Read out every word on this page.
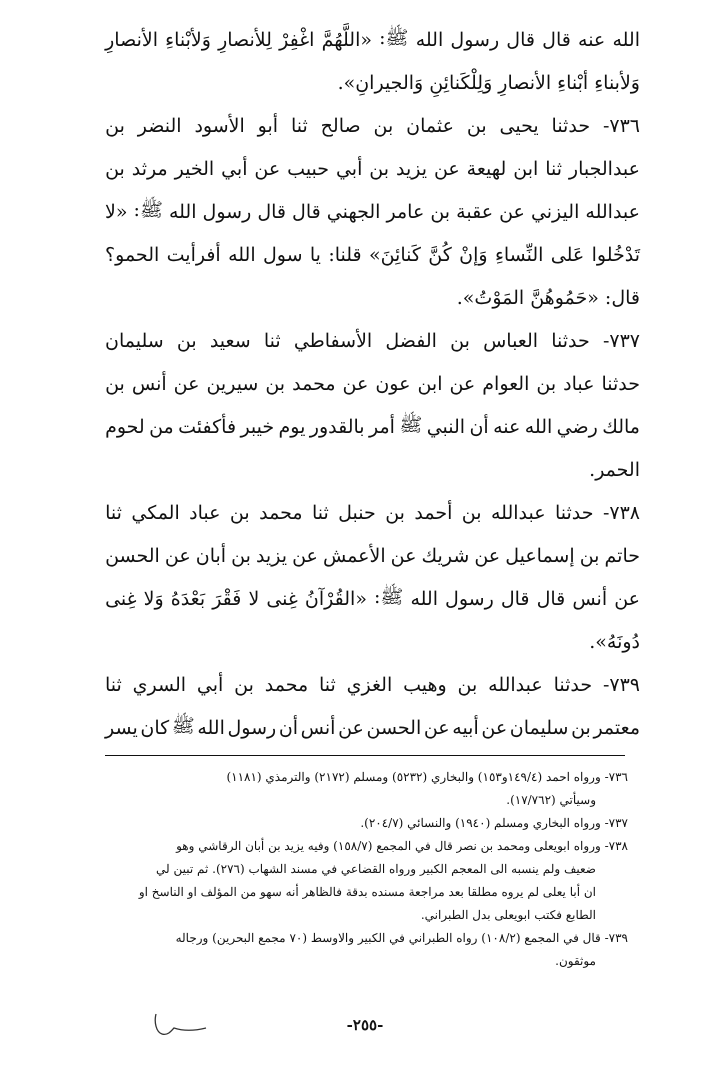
الله
عنه
قال
قال
رسول
الله
ﷺ:
«اللَّهُمَّ
اغْفِرْ
لِلأنصارِ
وَلأبْناءِ
الأنصارِ
وَلأبناءِ أبْناءِ الأنصارِ وَلِلْكَنائِنِ وَالجيرانِ».
٧٣٦-
حدثنا
يحيى
بن
عثمان
بن
صالح
ثنا
أبو
الأسود
النضر
بن
عبدالجبار
ثنا
ابن
لهيعة
عن
يزيد
بن
أبي
حبيب
عن
أبي
الخير
مرثد
بن
عبدالله
اليزني
عن
عقبة
بن
عامر
الجهني
قال
قال
رسول
الله
ﷺ:
«لا
تَدْخُلوا
عَلى
النِّساءِ
وَإنْ
كُنَّ
كَنائِنَ»
قلنا:
يا
سول
الله
أفرأيت
الحمو؟
قال: «حَمُوهُنَّ المَوْتُ».
٧٣٧-
حدثنا
العباس
بن
الفضل
الأسفاطي
ثنا
سعيد
بن
سليمان
حدثنا
عباد
بن
العوام
عن
ابن
عون
عن
محمد
بن
سيرين
عن
أنس
بن
مالك
رضي
الله
عنه
أن
النبي
ﷺ
أمر
بالقدور
يوم
خيبر
فأكفئت
من
لحوم
الحمر.
٧٣٨-
حدثنا
عبدالله
بن
أحمد
بن
حنبل
ثنا
محمد
بن
عباد
المكي
ثنا
حاتم
بن
إسماعيل
عن
شريك
عن
الأعمش
عن
يزيد
بن
أبان
عن
الحسن
عن
أنس
قال
قال
رسول
الله
ﷺ:
«القُرْآنُ
غِنى
لا
فَقْرَ
بَعْدَهُ
وَلا
غِنى
دُونَهُ».
٧٣٩-
حدثنا
عبدالله
بن
وهيب
الغزي
ثنا
محمد
بن
أبي
السري
ثنا
معتمر
بن
سليمان
عن
أبيه
عن
الحسن
عن
أنس
أن
رسول
الله
ﷺ
كان
يسر
٧٣٦- ورواه احمد (١٤٩/٤و١٥٣) والبخاري (٥٢٣٢) ومسلم (٢١٧٢) والترمذي (١١٨١)
وسيأتي (١٧/٧٦٢).
٧٣٧- ورواه البخاري ومسلم (١٩٤٠) والنسائي (٢٠٤/٧).
٧٣٨- ورواه ابويعلى ومحمد بن نصر قال في المجمع (١٥٨/٧) وفيه يزيد بن أبان الرقاشي وهو
ضعيف ولم ينسبه الى المعجم الكبير ورواه القضاعي في مسند الشهاب (٢٧٦). ثم تبين لي
ان أبا يعلى لم يروه مطلقا بعد مراجعة مسنده بدقة فالظاهر أنه سهو من المؤلف او الناسخ او
الطابع فكتب ابويعلى بدل الطبراني.
٧٣٩- قال في المجمع (١٠٨/٢) رواه الطبراني في الكبير والاوسط (٧٠ مجمع البحرين) ورجاله
موثقون.
-٢٥٥-
